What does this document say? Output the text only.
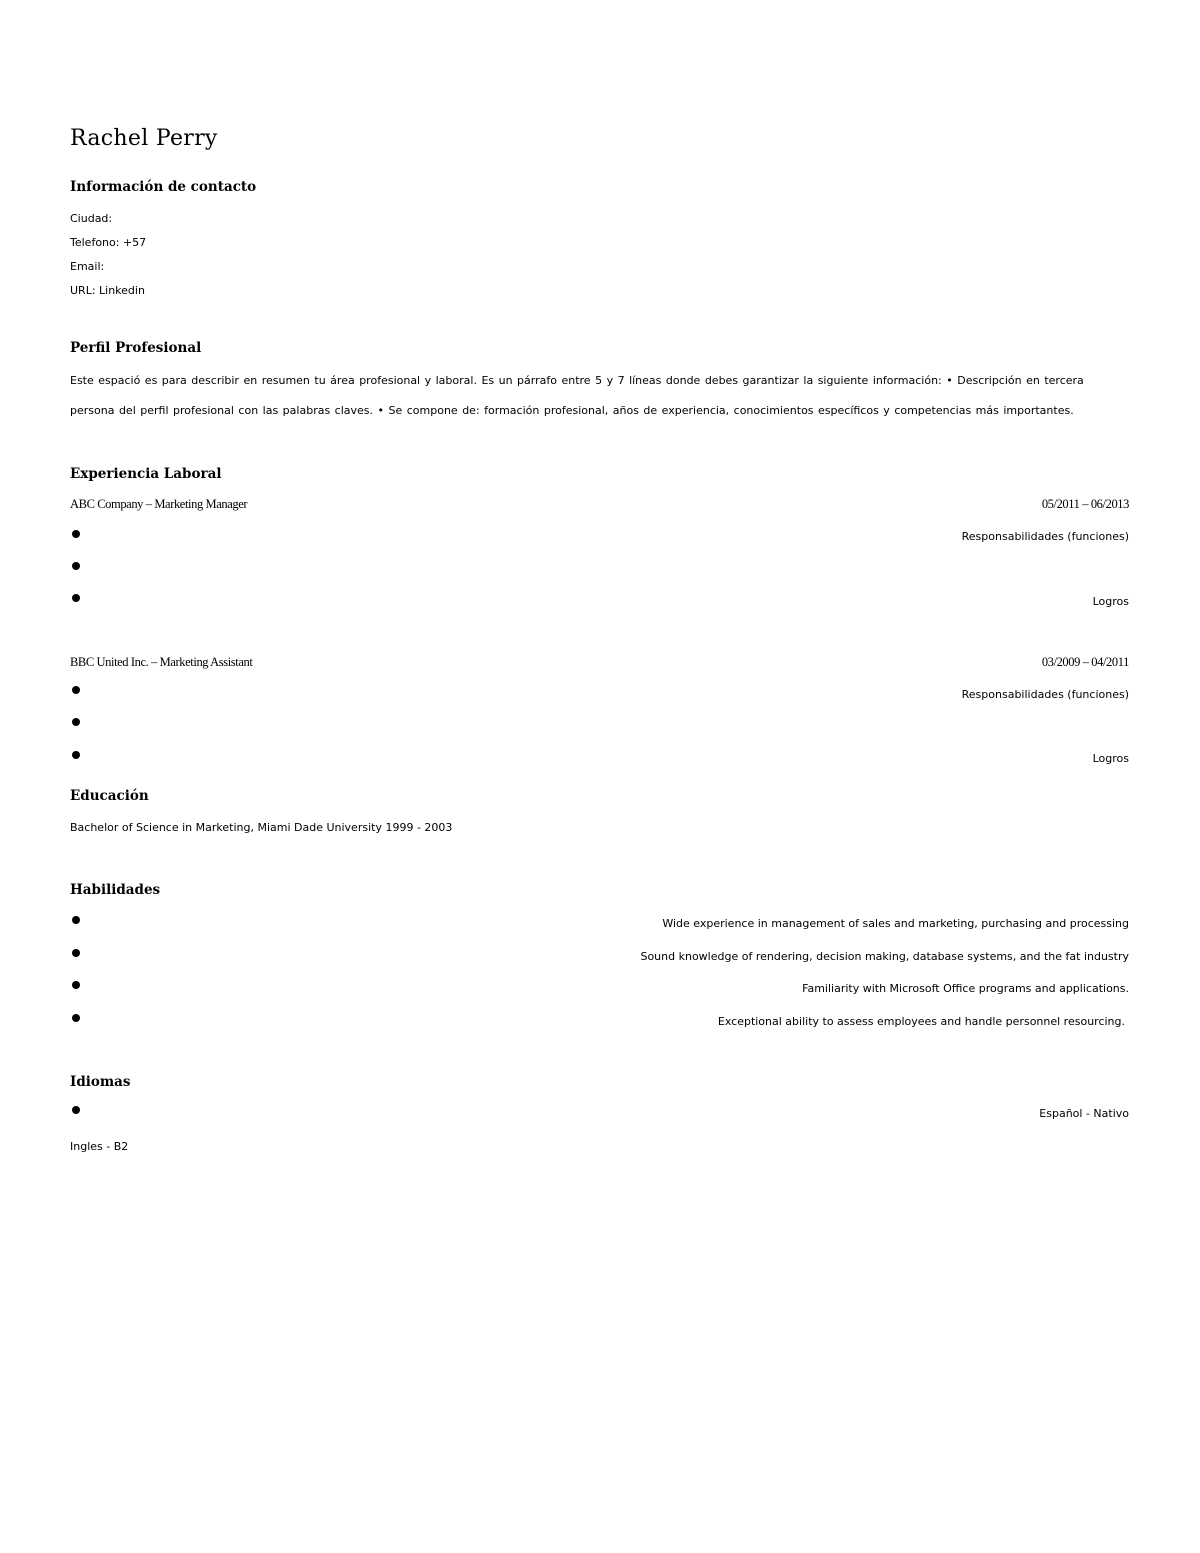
Rachel Perry
Información de contacto
Ciudad:
Telefono: +57
Email:
URL: Linkedin
Perfil Profesional
Este espació es para describir en resumen tu área profesional y laboral. Es un párrafo entre 5 y 7 líneas donde debes garantizar la siguiente información: • Descripción en tercera persona del perfil profesional con las palabras claves. • Se compone de: formación profesional, años de experiencia, conocimientos específicos y competencias más importantes.
Experiencia Laboral
ABC Company – Marketing Manager	05/2011 – 06/2013
Responsabilidades (funciones)
Logros
BBC United Inc. – Marketing Assistant	03/2009 – 04/2011
Responsabilidades (funciones)
Logros
Educación
Bachelor of Science in Marketing, Miami Dade University 1999 - 2003
Habilidades
Wide experience in management of sales and marketing, purchasing and processing
Sound knowledge of rendering, decision making, database systems, and the fat industry
Familiarity with Microsoft Office programs and applications.
Exceptional ability to assess employees and handle personnel resourcing.
Idiomas
Español - Nativo
Ingles - B2
